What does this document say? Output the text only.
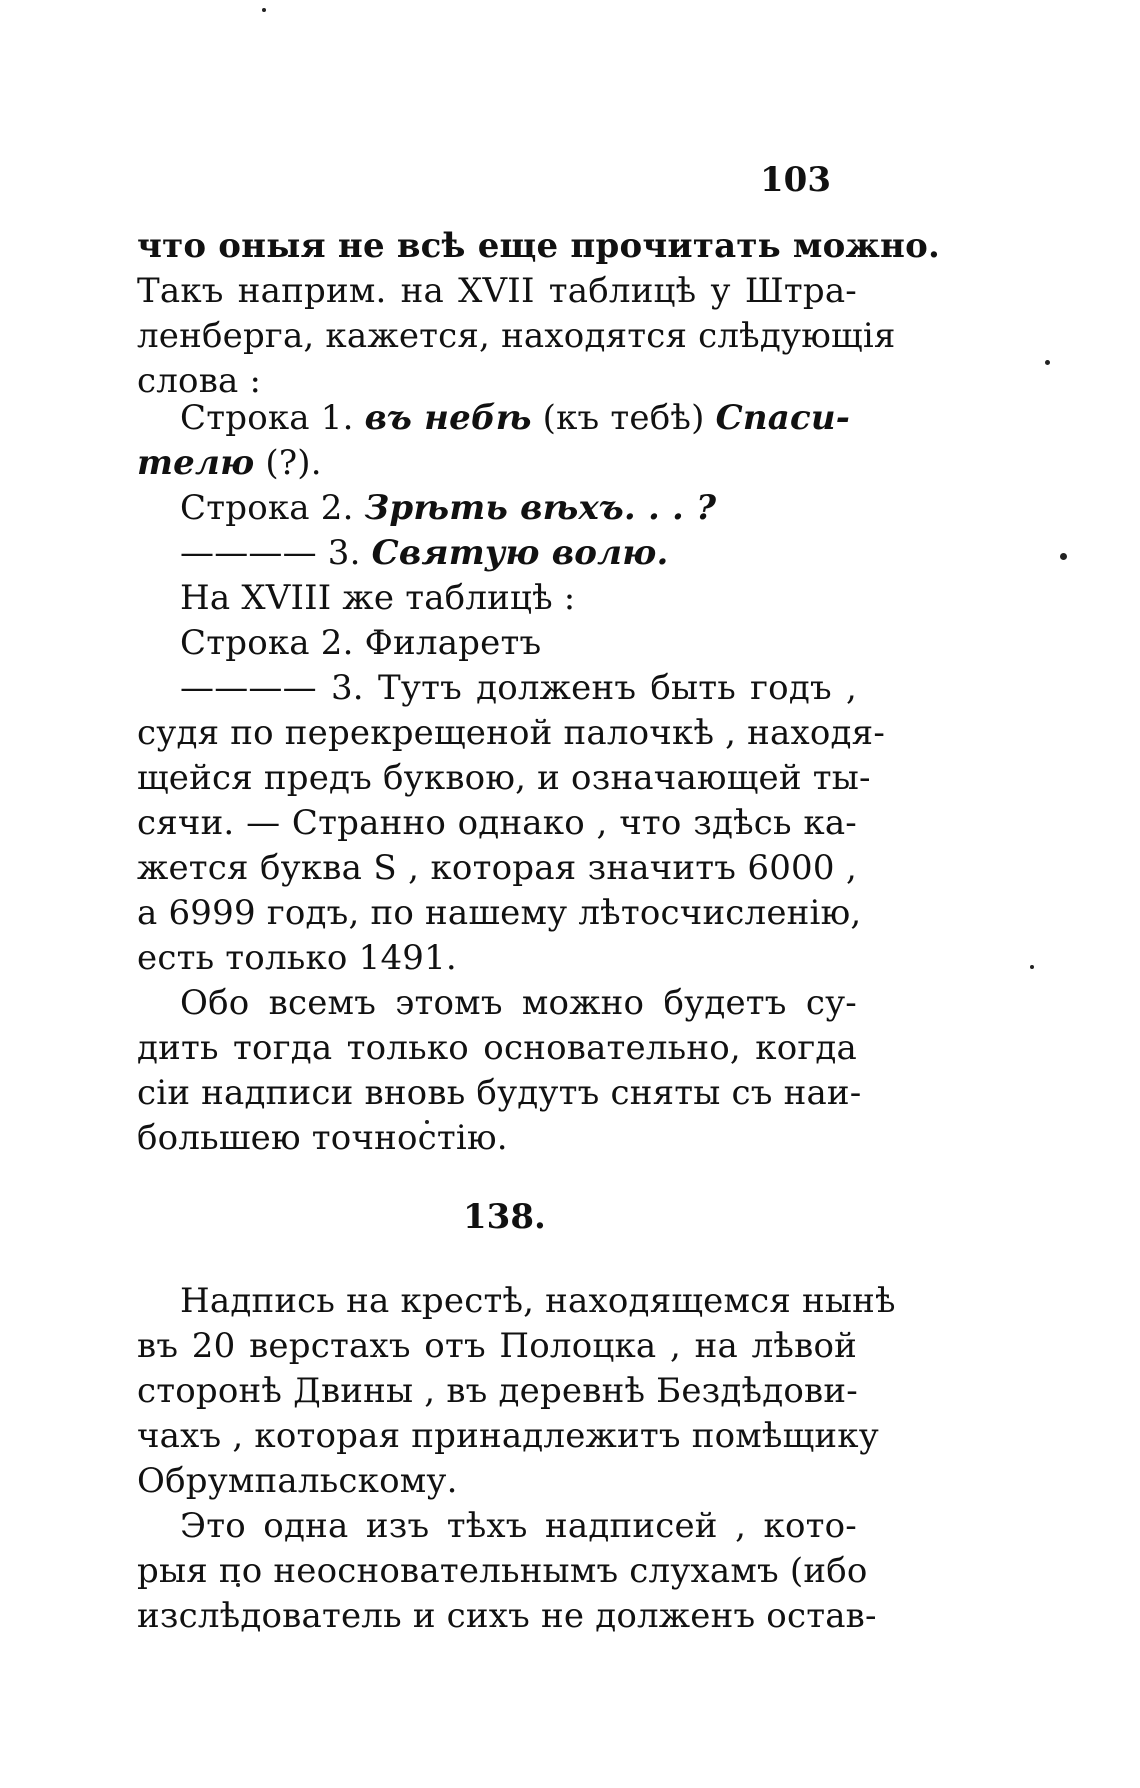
103
что оныя не всѣ еще прочитать можно.
Такъ наприм. на XVII таблицѣ у Штра-
ленберга, кажется, находятся слѣдующія
слова :
Строка 1. въ небѣ (къ тебѣ) Спаси-
телю (?).
Строка 2. Зрѣть вѣхъ. . . ?
———— 3. Святую волю.
На XVIII же таблицѣ :
Строка 2. Филаретъ
———— 3. Тутъ долженъ быть годъ ,
судя по перекрещеной палочкѣ , находя-
щейся предъ буквою, и означающей ты-
сячи. — Странно однако , что здѣсь ка-
жется буква S , которая значитъ 6000 ,
а 6999 годъ, по нашему лѣтосчисленію,
есть только 1491.
Обо всемъ этомъ можно будетъ су-
дить тогда только основательно, когда
сіи надписи вновь будутъ сняты съ наи-
большею точностію.
138.
Надпись на крестѣ, находящемся нынѣ
въ 20 верстахъ отъ Полоцка , на лѣвой
сторонѣ Двины , въ деревнѣ Бездѣдови-
чахъ , которая принадлежитъ помѣщику
Обрумпальскому.
Это одна изъ тѣхъ надписей , кото-
рыя по неосновательнымъ слухамъ (ибо
изслѣдователь и сихъ не долженъ остав-
